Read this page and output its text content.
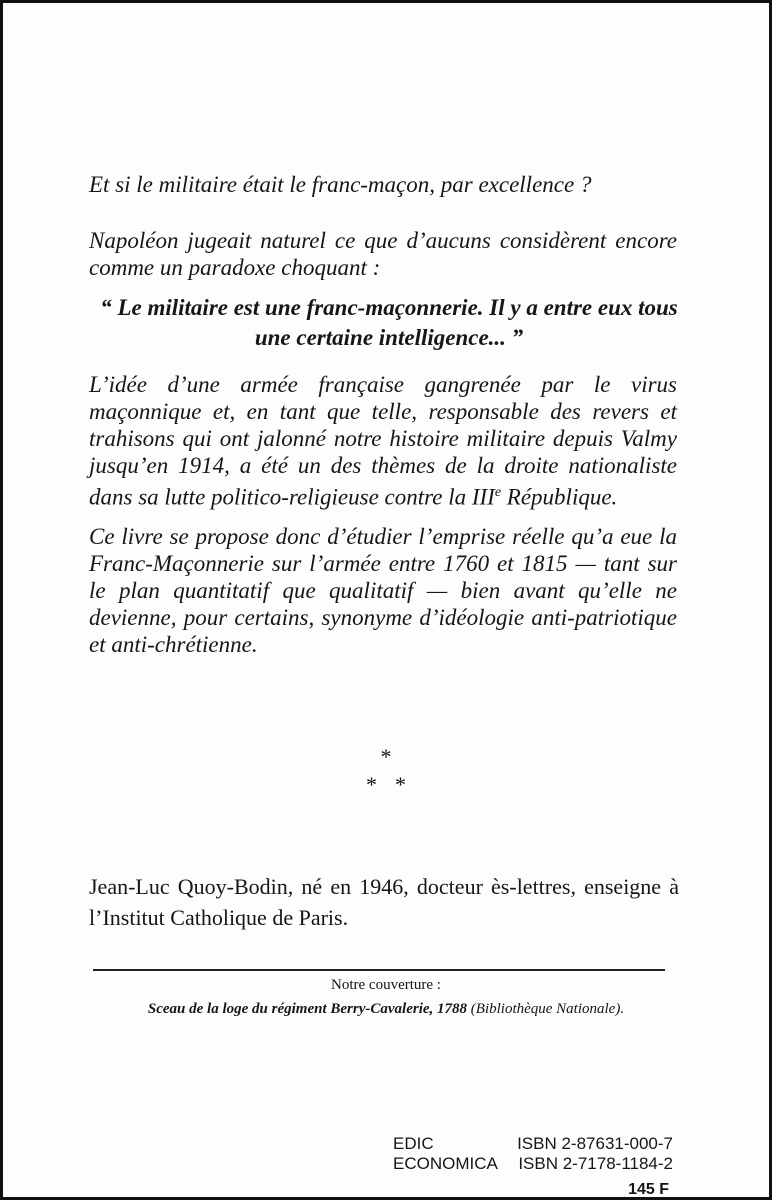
Et si le militaire était le franc-maçon, par excellence ?

Napoléon jugeait naturel ce que d’aucuns considèrent encore comme un paradoxe choquant :

“ Le militaire est une franc-maçonnerie. Il y a entre eux tous
une certaine intelligence... ”

L’idée d’une armée française gangrenée par le virus maçonnique et, en tant que telle, responsable des revers et trahisons qui ont jalonné notre histoire militaire depuis Valmy jusqu’en 1914, a été un des thèmes de la droite nationaliste dans sa lutte politico-religieuse contre la IIIe République.

Ce livre se propose donc d’étudier l’emprise réelle qu’a eue la Franc-Maçonnerie sur l’armée entre 1760 et 1815 — tant sur le plan quantitatif que qualitatif — bien avant qu’elle ne devienne, pour certains, synonyme d’idéologie anti-patriotique et anti-chrétienne.

*
* *
Jean-Luc Quoy-Bodin, né en 1946, docteur ès-lettres, enseigne à l’Institut Catholique de Paris.
Notre couverture :
Sceau de la loge du régiment Berry-Cavalerie, 1788 (Bibliothèque Nationale).
EDIC	ISBN 2-87631-000-7
ECONOMICA ISBN 2-7178-1184-2
145 F
